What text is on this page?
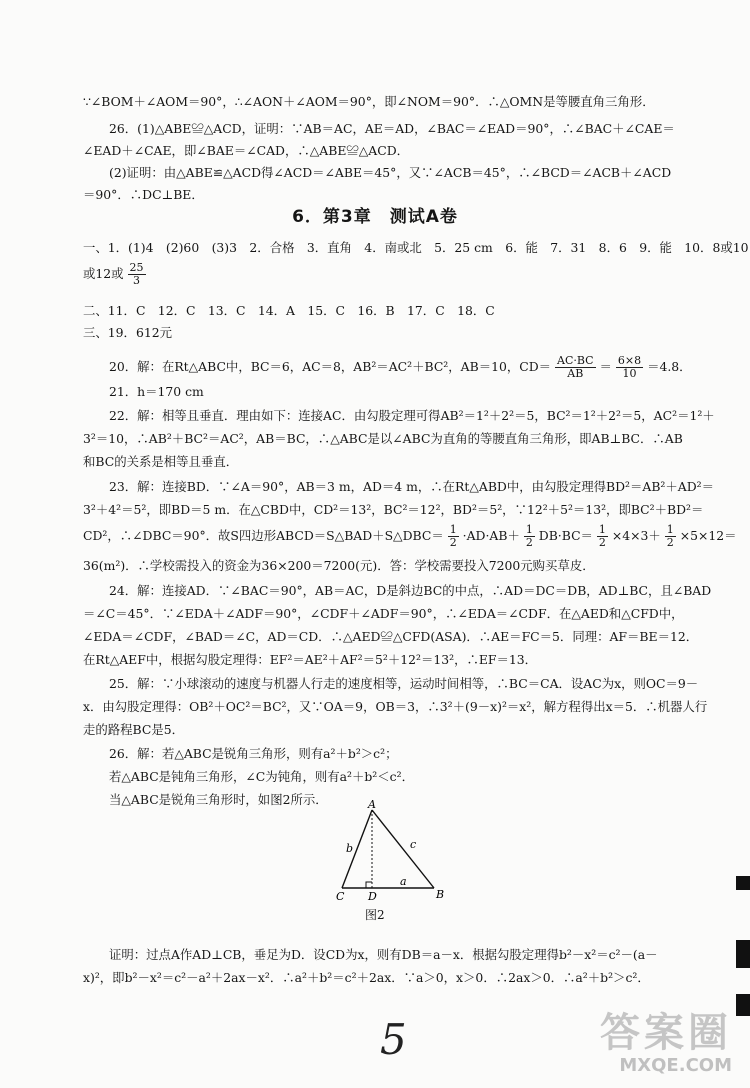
∵∠BOM＋∠AOM＝90°，∴∠AON＋∠AOM＝90°，即∠NOM＝90°．∴△OMN是等腰直角三角形．
26．(1)△ABE≌△ACD，证明：∵AB＝AC，AE＝AD，∠BAC＝∠EAD＝90°，∴∠BAC＋∠CAE＝
∠EAD＋∠CAE，即∠BAE＝∠CAD，∴△ABE≌△ACD．
(2)证明：由△ABE≌△ACD得∠ACD＝∠ABE＝45°，又∵∠ACB＝45°，∴∠BCD＝∠ACB＋∠ACD
＝90°．∴DC⊥BE．
6．第3章　测试A卷
一、1．(1)4　(2)60　(3)3　2．合格　3．直角　4．南或北　5．25 cm　6．能　7．31　8．6　9．能　10．8或10
或12或 $\frac{25}{3}$
二、11．C　12．C　13．C　14．A　15．C　16．B　17．C　18．C
三、19．612元
20．解：在Rt△ABC中，BC＝6，AC＝8，AB²＝AC²＋BC²，AB＝10，$CD= \frac{AC\cdot BC}{AB} = \frac{6\times 8}{10} =4.8$．
21．h＝170 cm
22．解：相等且垂直．理由如下：连接AC．由勾股定理可得AB²＝1²＋2²＝5，BC²＝1²＋2²＝5，AC²＝1²＋
3²＝10，∴AB²＋BC²＝AC²，AB＝BC，∴△ABC是以∠ABC为直角的等腰直角三角形，即AB⊥BC．∴AB
和BC的关系是相等且垂直．
23．解：连接BD．∵∠A＝90°，AB＝3 m，AD＝4 m，∴在Rt△ABD中，由勾股定理得BD²＝AB²＋AD²＝
3²＋4²＝5²，即BD＝5 m．在△CBD中，CD²＝13²，BC²＝12²，BD²＝5²，∵12²＋5²＝13²，即BC²＋BD²＝
CD²，∴∠DBC＝90°．故S四边形ABCD＝S△BAD＋S△DBC＝ $\frac{1}{2} \cdot AD\cdot AB+ \frac{1}{2} DB\cdot BC= \frac{1}{2} \times 4\times 3+ \frac{1}{2} \times 5\times 12=$
36(m²)．∴学校需投入的资金为36×200＝7200(元)．答：学校需要投入7200元购买草皮．
24．解：连接AD．∵∠BAC＝90°，AB＝AC，D是斜边BC的中点，∴AD＝DC＝DB，AD⊥BC，且∠BAD
＝∠C＝45°．∵∠EDA＋∠ADF＝90°，∠CDF＋∠ADF＝90°，∴∠EDA＝∠CDF．在△AED和△CFD中，
∠EDA＝∠CDF，∠BAD＝∠C，AD＝CD．∴△AED≌△CFD(ASA)．∴AE＝FC＝5．同理：AF＝BE＝12．
在Rt△AEF中，根据勾股定理得：EF²＝AE²＋AF²＝5²＋12²＝13²，∴EF＝13．
25．解：∵小球滚动的速度与机器人行走的速度相等，运动时间相等，∴BC＝CA．设AC为x，则OC＝9－
x．由勾股定理得：OB²＋OC²＝BC²，又∵OA＝9，OB＝3，∴3²＋(9－x)²＝x²，解方程得出x＝5．∴机器人行
走的路程BC是5．
26．解：若△ABC是锐角三角形，则有a²＋b²＞c²；
若△ABC是钝角三角形，∠C为钝角，则有a²＋b²＜c²．
当△ABC是锐角三角形时，如图2所示．
证明：过点A作AD⊥CB，垂足为D．设CD为x，则有DB＝a－x．根据勾股定理得b²－x²＝c²－(a－
x)²，即b²－x²＝c²－a²＋2ax－x²．∴a²＋b²＝c²＋2ax．∵a＞0，x＞0．∴2ax＞0．∴a²＋b²＞c²．
A
B
C D
a
b	c
图2
5	答案圈
MXQE.COM
